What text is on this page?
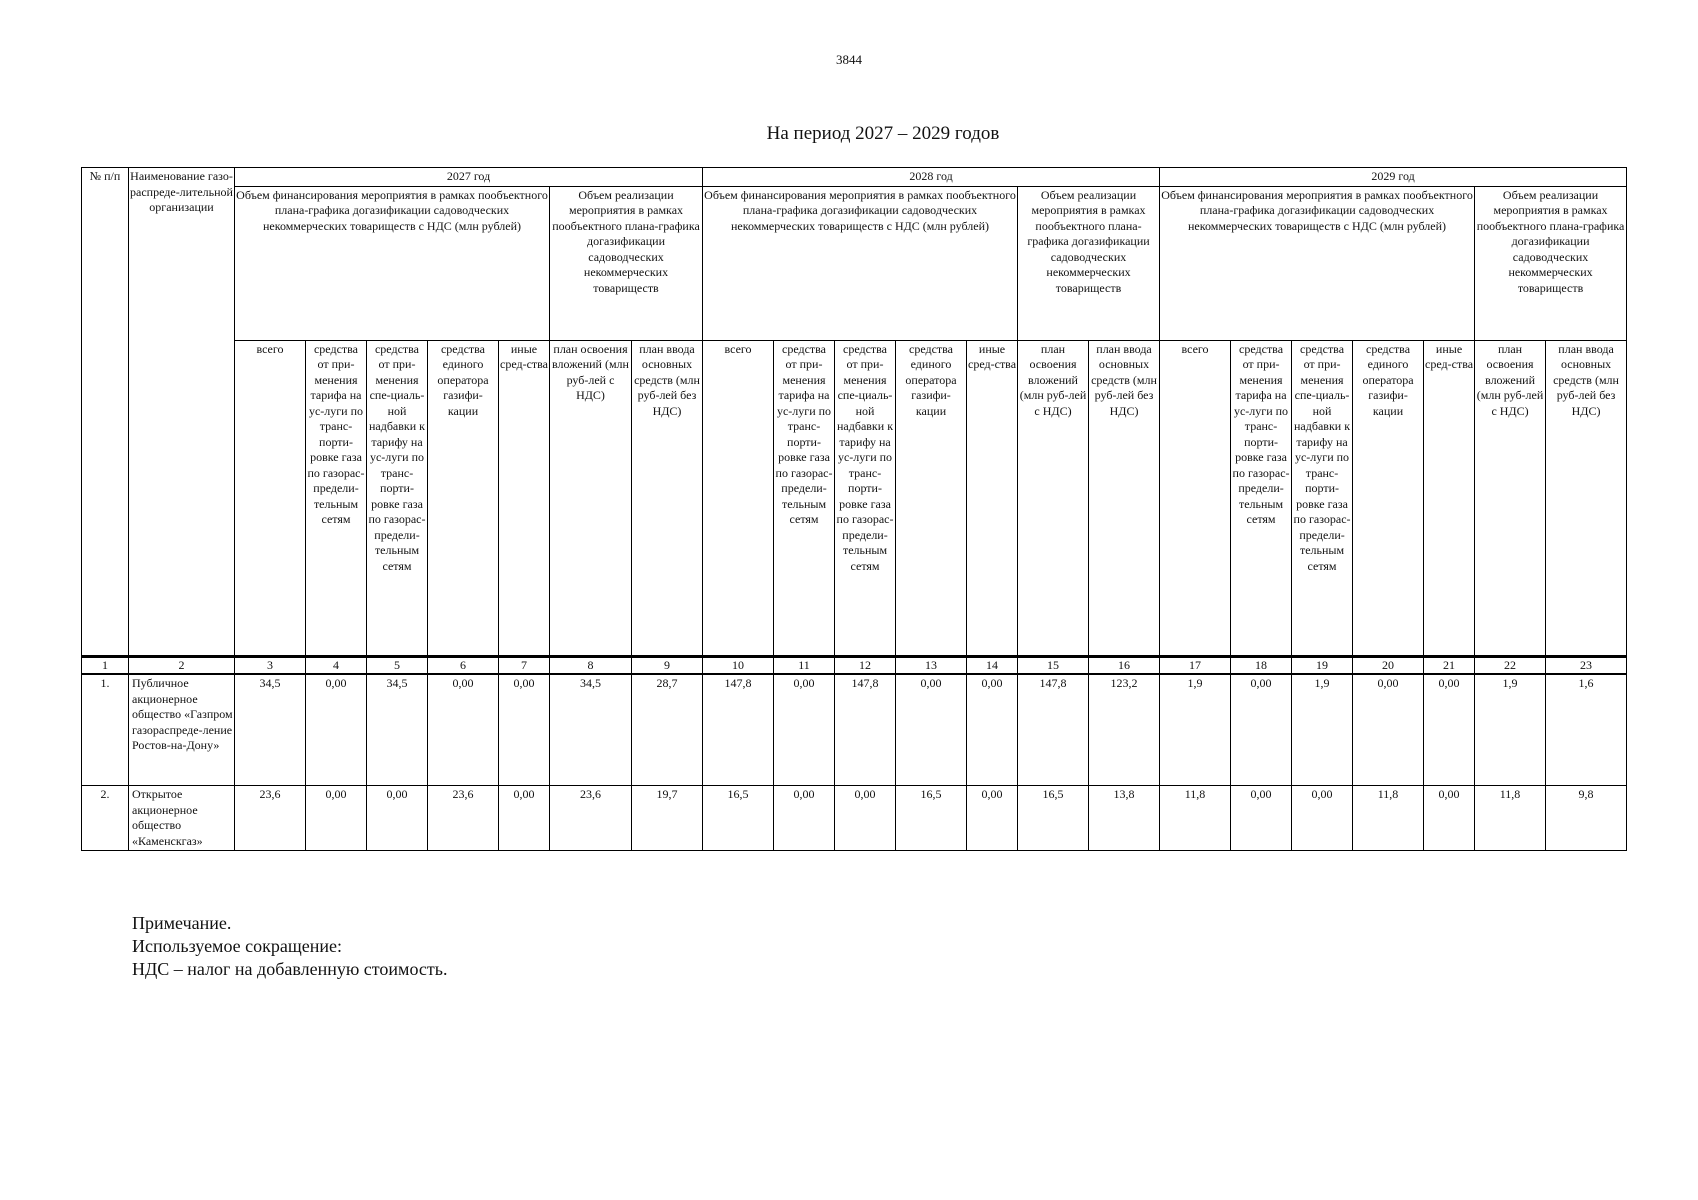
3844
На период 2027 – 2029 годов
№ п/п	Наименование газо-распреде-лительной организации	2027 год							2028 год							2029 год						
		Объем финансирования мероприятия в рамках пообъектного плана-графика догазификации садоводческих некоммерческих товариществ с НДС (млн рублей)					Объем реализации мероприятия в рамках пообъектного плана-графика догазификации садоводческих некоммерческих товариществ		Объем финансирования мероприятия в рамках пообъектного плана-графика догазификации садоводческих некоммерческих товариществ с НДС (млн рублей)					Объем реализации мероприятия в рамках пообъектного плана-графика догазификации садоводческих некоммерческих товариществ		Объем финансирования мероприятия в рамках пообъектного плана-графика догазификации садоводческих некоммерческих товариществ с НДС (млн рублей)					Объем реализации мероприятия в рамках пообъектного плана-графика догазификации садоводческих некоммерческих товариществ	
		всего	средства от при-менения тарифа на ус-луги по транс-порти-ровке газа по газорас-предели-тельным сетям	средства от при-менения спе-циаль-ной надбавки к тарифу на ус-луги по транс-порти-ровке газа по газорас-предели-тельным сетям	средства единого оператора газифи-кации	иные сред-ства	план освоения вложений (млн руб-лей с НДС)	план ввода основных средств (млн руб-лей без НДС)	всего	средства от при-менения тарифа на ус-луги по транс-порти-ровке газа по газорас-предели-тельным сетям	средства от при-менения спе-циаль-ной надбавки к тарифу на ус-луги по транс-порти-ровке газа по газорас-предели-тельным сетям	средства единого оператора газифи-кации	иные сред-ства	план освоения вложений (млн руб-лей с НДС)	план ввода основных средств (млн руб-лей без НДС)	всего	средства от при-менения тарифа на ус-луги по транс-порти-ровке газа по газорас-предели-тельным сетям	средства от при-менения спе-циаль-ной надбавки к тарифу на ус-луги по транс-порти-ровке газа по газорас-предели-тельным сетям	средства единого оператора газифи-кации	иные сред-ства	план освоения вложений (млн руб-лей с НДС)	план ввода основных средств (млн руб-лей без НДС)
1	2	3	4	5	6	7	8	9	10	11	12	13	14	15	16	17	18	19	20	21	22	23
1.	Публичное акционерное общество «Газпром газораспреде-ление Ростов-на-Дону»	34,5	0,00	34,5	0,00	0,00	34,5	28,7	147,8	0,00	147,8	0,00	0,00	147,8	123,2	1,9	0,00	1,9	0,00	0,00	1,9	1,6
2.	Открытое акционерное общество «Каменскгаз»	23,6	0,00	0,00	23,6	0,00	23,6	19,7	16,5	0,00	0,00	16,5	0,00	16,5	13,8	11,8	0,00	0,00	11,8	0,00	11,8	9,8
Примечание.
Используемое сокращение:
НДС – налог на добавленную стоимость.
